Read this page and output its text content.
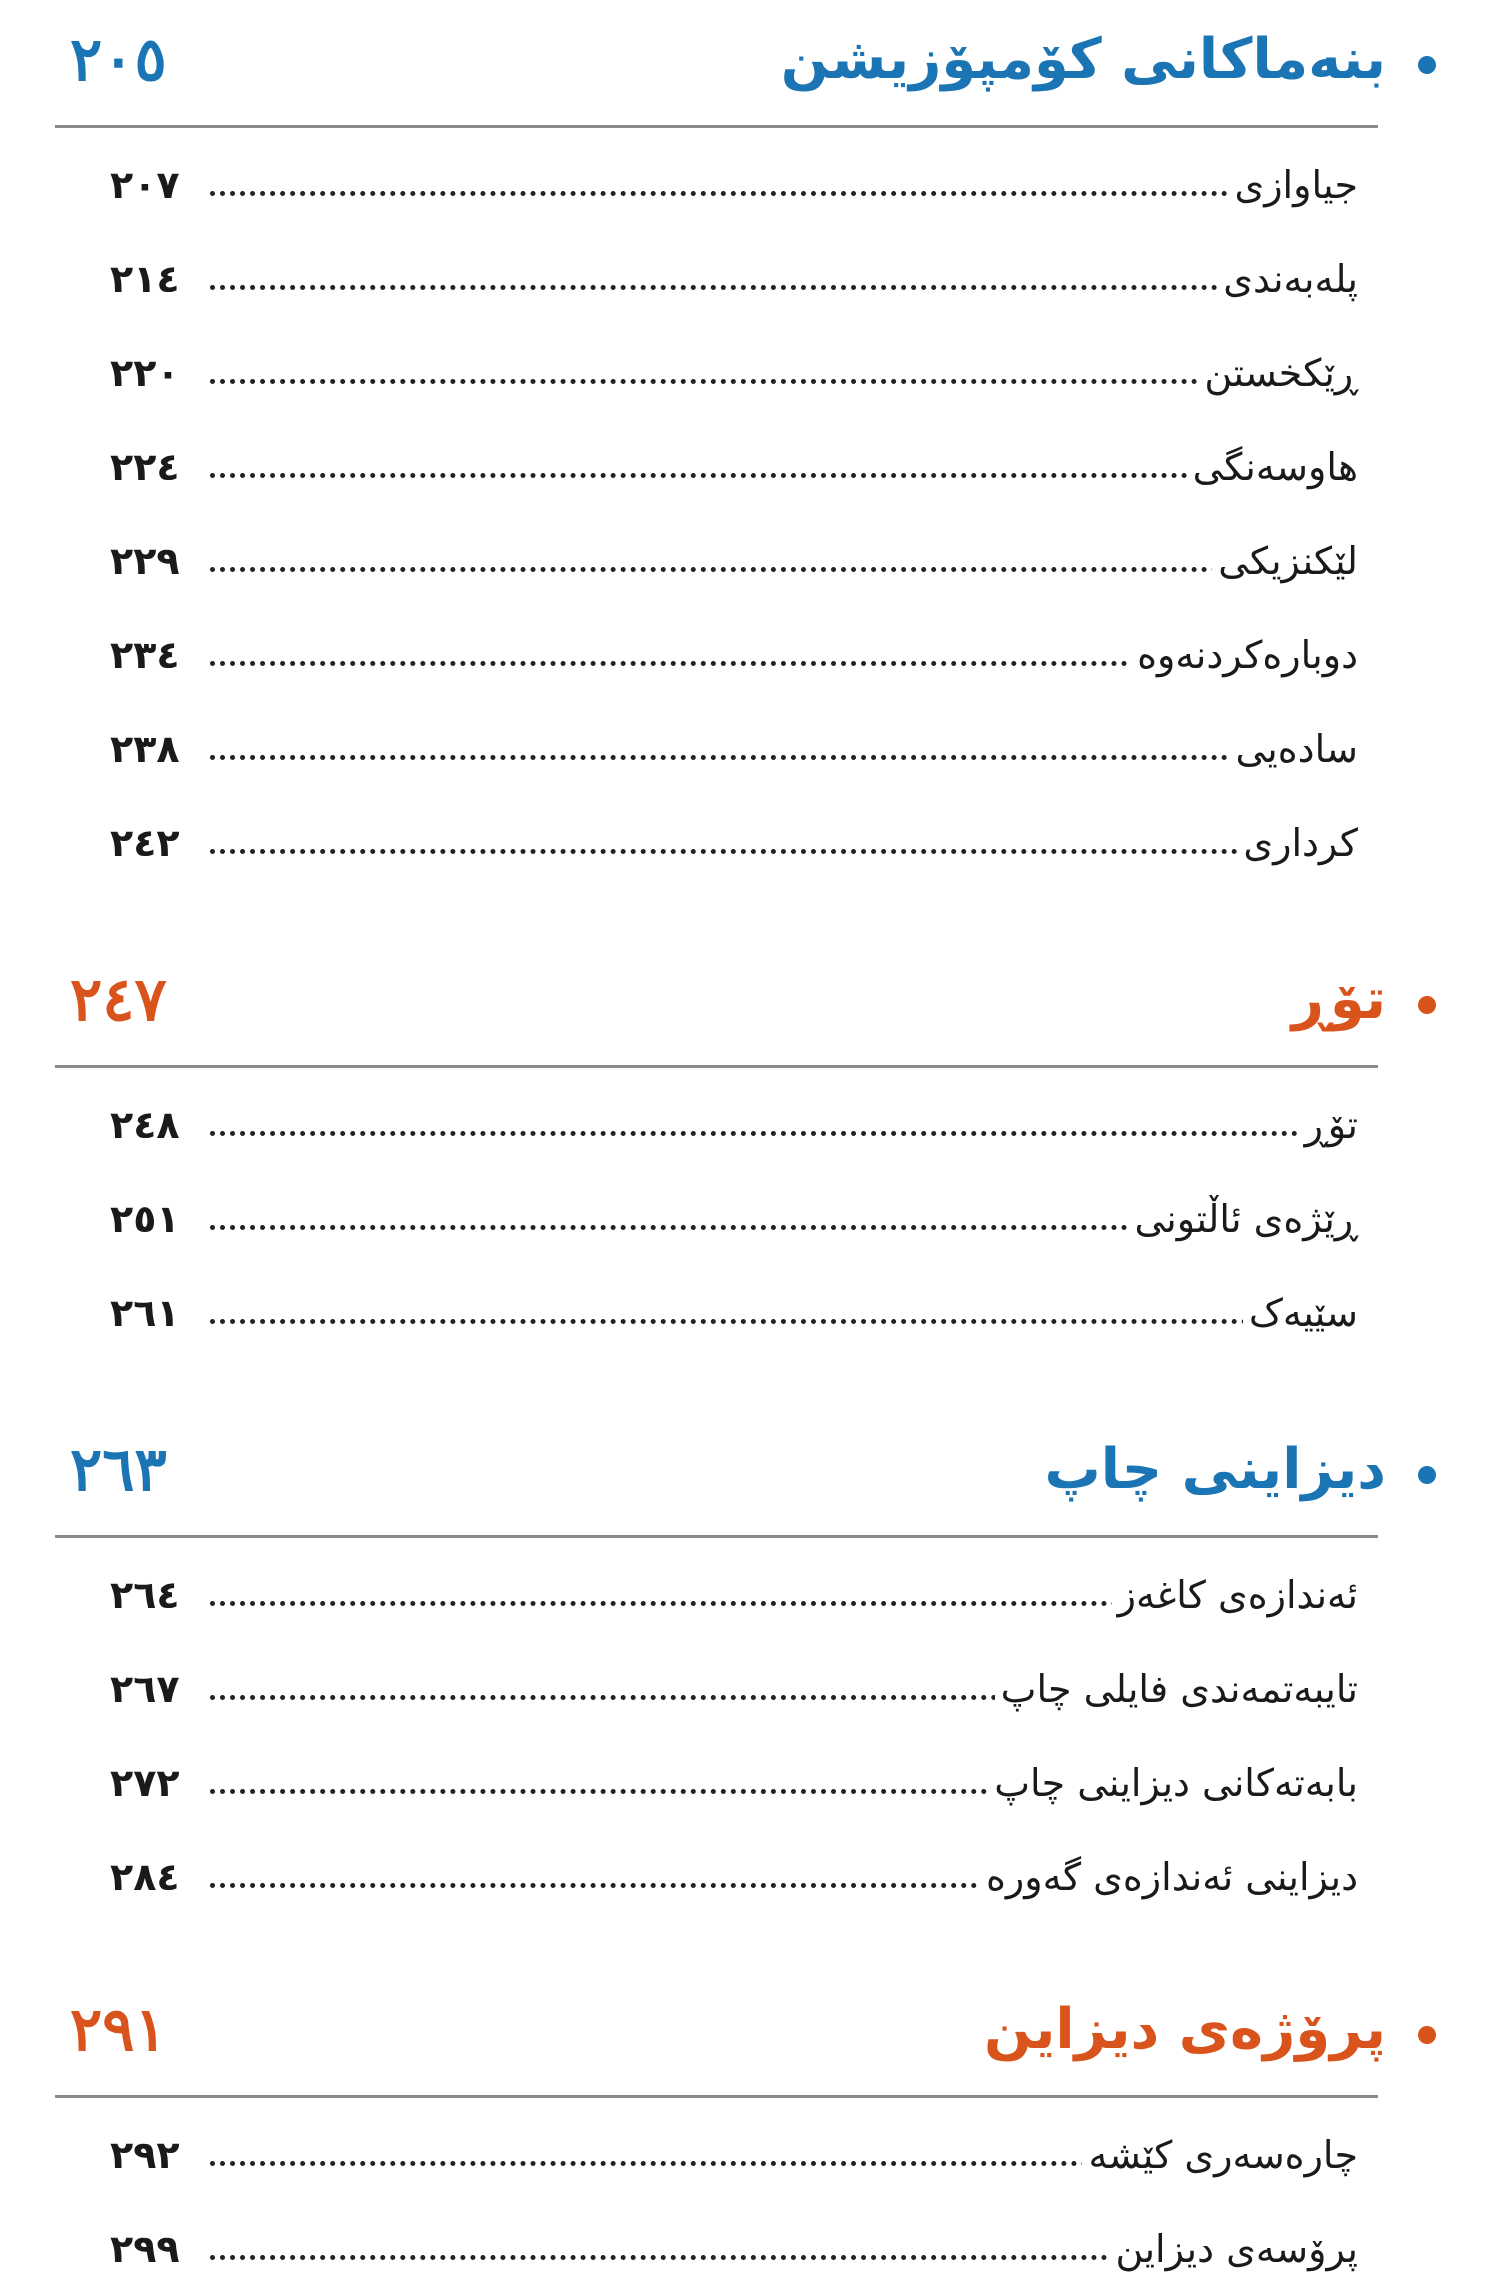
بنەماکانی کۆمپۆزیشن
٢٠٥
جیاوازی
٢٠٧
پلەبەندی
٢١٤
ڕێکخستن
٢٢٠
هاوسەنگی
٢٢٤
لێکنزیکی
٢٢٩
دوبارەکردنەوە
٢٣٤
سادەیی
٢٣٨
کرداری
٢٤٢
تۆڕ
٢٤٧
تۆڕ
٢٤٨
ڕێژەی ئاڵتونی
٢٥١
سێیەک
٢٦١
دیزاینی چاپ
٢٦٣
ئەندازەی کاغەز
٢٦٤
تایبەتمەندی فایلی چاپ
٢٦٧
بابەتەکانی دیزاینی چاپ
٢٧٢
دیزاینی ئەندازەی گەورە
٢٨٤
پرۆژەی دیزاین
٢٩١
چارەسەری کێشە
٢٩٢
پرۆسەی دیزاین
٢٩٩
